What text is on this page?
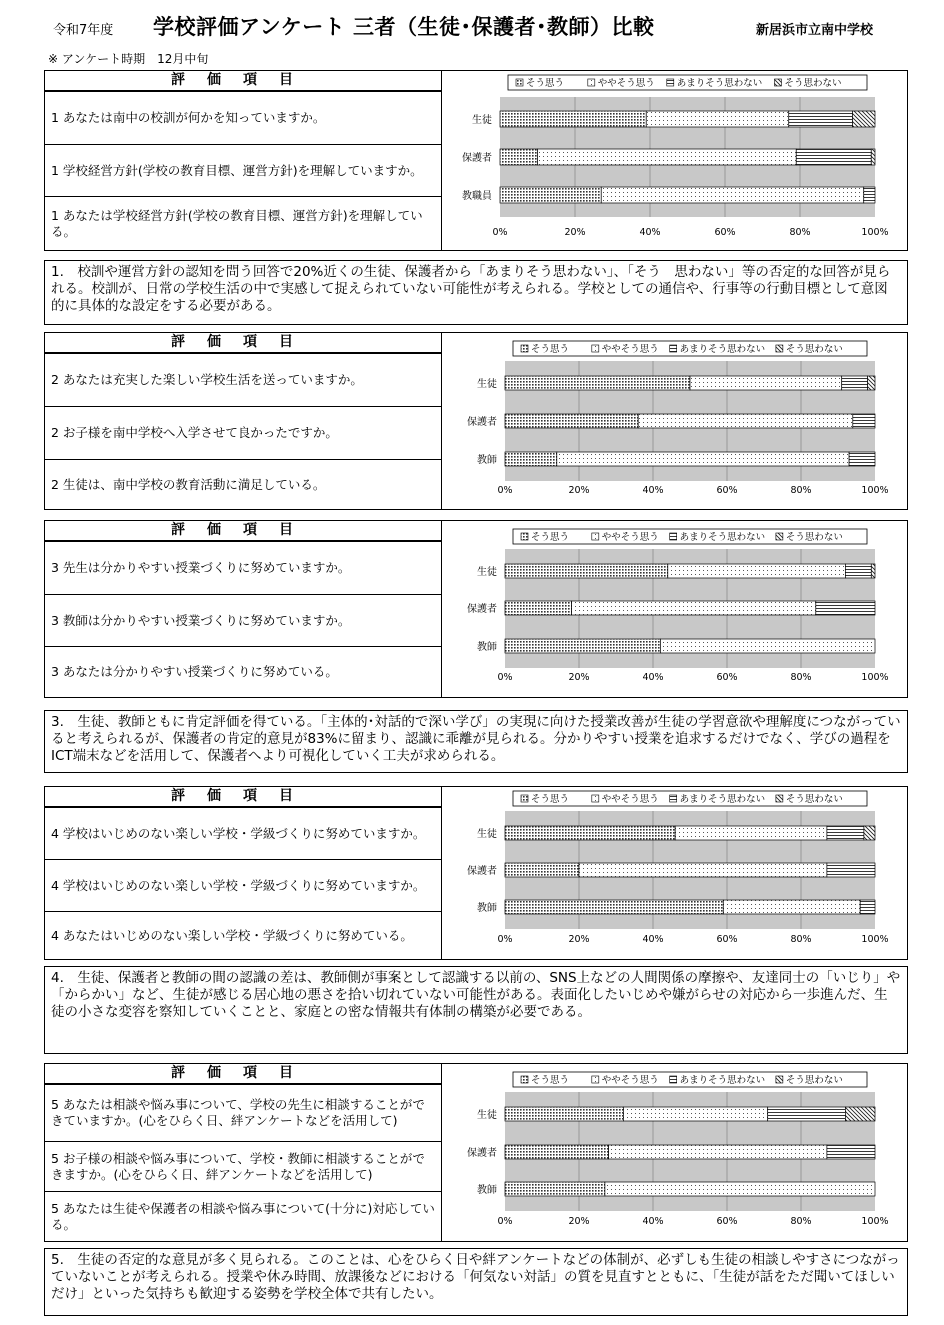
令和7年度 学校評価アンケート 三者（生徒･保護者･教師）比較	新居浜市立南中学校
※ アンケート時期　12月中旬
評価項目
1 あなたは南中の校訓が何かを知っていますか。
1 学校経営方針(学校の教育目標、運営方針)を理解していますか。
1 あなたは学校経営方針(学校の教育目標、運営方針)を理解している。
そう思う	ややそう思う あまりそう思わない そう思わない
生徒
保護者
教職員
0%	20%	40%	60%	80%	100%
1.　校訓や運営方針の認知を問う回答で20%近くの生徒、保護者から「あまりそう思わない」、「そう　思わない」等の否定的な回答が見られる。校訓が、日常の学校生活の中で実感して捉えられていない可能性が考えられる。学校としての通信や、行事等の行動目標として意図的に具体的な設定をする必要がある。
評価項目
2 あなたは充実した楽しい学校生活を送っていますか。
2 お子様を南中学校へ入学させて良かったですか。
2 生徒は、南中学校の教育活動に満足している。
そう思う	ややそう思う あまりそう思わない そう思わない
生徒
保護者
教師
0%	20%	40%	60%	80%	100%
評価項目
3 先生は分かりやすい授業づくりに努めていますか。
3 教師は分かりやすい授業づくりに努めていますか。
3 あなたは分かりやすい授業づくりに努めている。
そう思う	ややそう思う あまりそう思わない そう思わない
生徒
保護者
教師
0%	20%	40%	60%	80%	100%
3.　生徒、教師ともに肯定評価を得ている。「主体的･対話的で深い学び」の実現に向けた授業改善が生徒の学習意欲や理解度につながっていると考えられるが、保護者の肯定的意見が83%に留まり、認識に乖離が見られる。分かりやすい授業を追求するだけでなく、学びの過程をICT端末などを活用して、保護者へより可視化していく工夫が求められる。
評価項目
4 学校はいじめのない楽しい学校・学級づくりに努めていますか。
4 学校はいじめのない楽しい学校・学級づくりに努めていますか。
4 あなたはいじめのない楽しい学校・学級づくりに努めている。
そう思う	ややそう思う あまりそう思わない そう思わない
生徒
保護者
教師
0%	20%	40%	60%	80%	100%
4.　生徒、保護者と教師の間の認識の差は、教師側が事案として認識する以前の、SNS上などの人間関係の摩擦や、友達同士の「いじり」や「からかい」など、生徒が感じる居心地の悪さを拾い切れていない可能性がある。表面化したいじめや嫌がらせの対応から一歩進んだ、生徒の小さな変容を察知していくことと、家庭との密な情報共有体制の構築が必要である。
評価項目
5 あなたは相談や悩み事について、学校の先生に相談することができていますか。(心をひらく日、絆アンケートなどを活用して)
5 お子様の相談や悩み事について、学校・教師に相談することができますか。(心をひらく日、絆アンケートなどを活用して)
5 あなたは生徒や保護者の相談や悩み事について(十分に)対応している。
そう思う	ややそう思う あまりそう思わない そう思わない
生徒
保護者
教師
0%	20%	40%	60%	80%	100%
5.　生徒の否定的な意見が多く見られる。このことは、心をひらく日や絆アンケートなどの体制が、必ずしも生徒の相談しやすさにつながっていないことが考えられる。授業や休み時間、放課後などにおける「何気ない対話」の質を見直すとともに、「生徒が話をただ聞いてほしいだけ」といった気持ちも歓迎する姿勢を学校全体で共有したい。
